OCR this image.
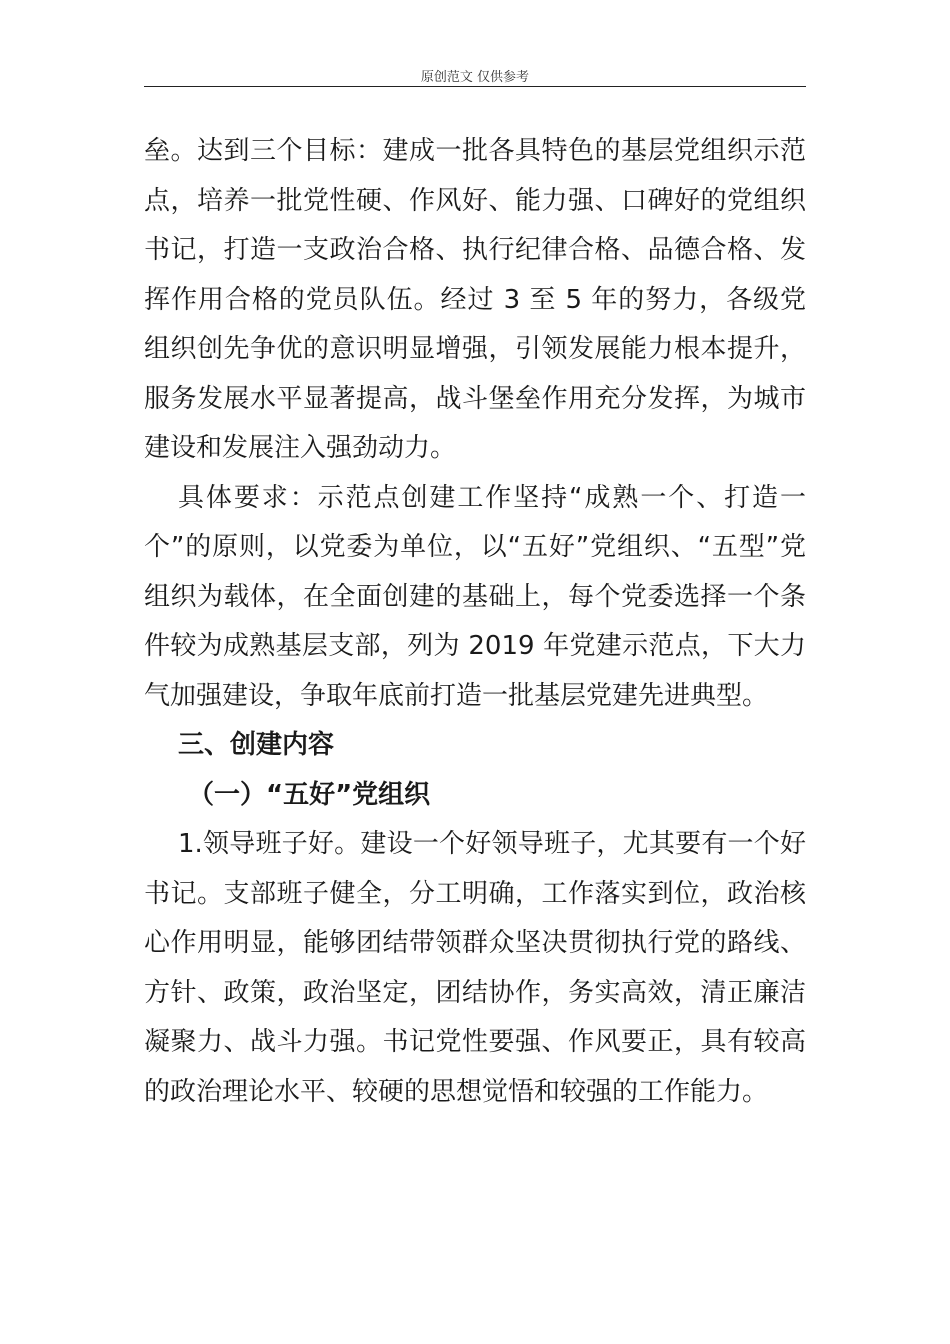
原创范文 仅供参考

垒。达到三个目标：建成一批各具特色的基层党组织示范点，培养一批党性硬、作风好、能力强、口碑好的党组织书记，打造一支政治合格、执行纪律合格、品德合格、发挥作用合格的党员队伍。经过 3 至 5 年的努力，各级党组织创先争优的意识明显增强，引领发展能力根本提升，服务发展水平显著提高，战斗堡垒作用充分发挥，为城市建设和发展注入强劲动力。

具体要求：示范点创建工作坚持“成熟一个、打造一个”的原则，以党委为单位，以“五好”党组织、“五型”党组织为载体，在全面创建的基础上，每个党委选择一个条件较为成熟基层支部，列为 2019 年党建示范点，下大力气加强建设，争取年底前打造一批基层党建先进典型。

三、创建内容

（一）“五好”党组织

1.领导班子好。建设一个好领导班子，尤其要有一个好书记。支部班子健全，分工明确，工作落实到位，政治核心作用明显，能够团结带领群众坚决贯彻执行党的路线、方针、政策，政治坚定，团结协作，务实高效，清正廉洁凝聚力、战斗力强。书记党性要强、作风要正，具有较高的政治理论水平、较硬的思想觉悟和较强的工作能力。
